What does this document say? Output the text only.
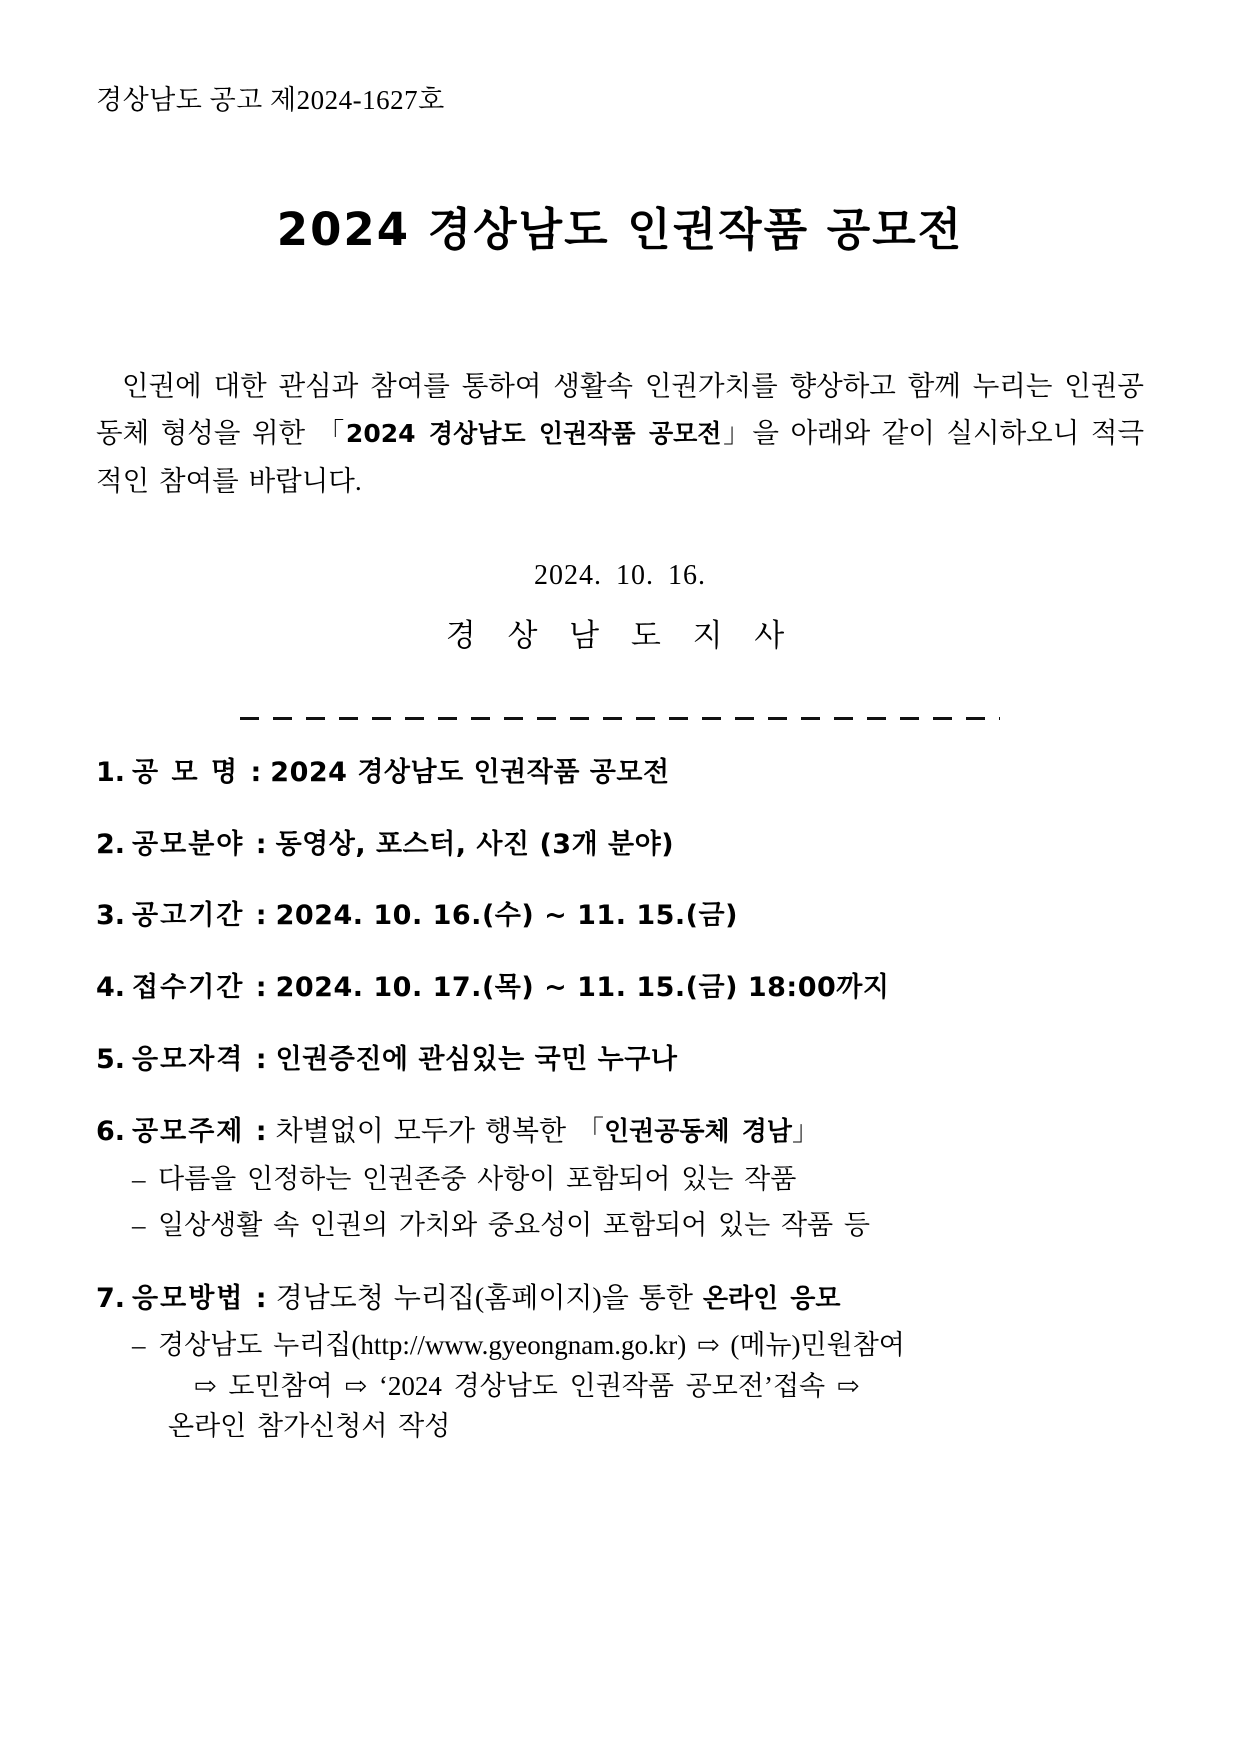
경상남도 공고 제2024‑1627호
2024 경상남도 인권작품 공모전

인권에 대한 관심과 참여를 통하여 생활속 인권가치를 향상하고 함께 누리는 인권공동체 형성을 위한 「2024 경상남도 인권작품 공모전」을 아래와 같이 실시하오니 적극적인 참여를 바랍니다.

2024. 10. 16.
경 상 남 도 지 사
1. 공 모 명 : 2024 경상남도 인권작품 공모전
2. 공모분야 : 동영상, 포스터, 사진 (3개 분야)
3. 공고기간 : 2024. 10. 16.(수) ~ 11. 15.(금)
4. 접수기간 : 2024. 10. 17.(목) ~ 11. 15.(금) 18:00까지
5. 응모자격 : 인권증진에 관심있는 국민 누구나
6. 공모주제 : 차별없이 모두가 행복한 「인권공동체 경남」
– 다름을 인정하는 인권존중 사항이 포함되어 있는 작품
– 일상생활 속 인권의 가치와 중요성이 포함되어 있는 작품 등
7. 응모방법 : 경남도청 누리집(홈페이지)을 통한 온라인 응모
– 경상남도 누리집(http://www.gyeongnam.go.kr) ⇨ (메뉴)민원참여
⇨ 도민참여 ⇨ ‘2024 경상남도 인권작품 공모전’접속 ⇨
온라인 참가신청서 작성
